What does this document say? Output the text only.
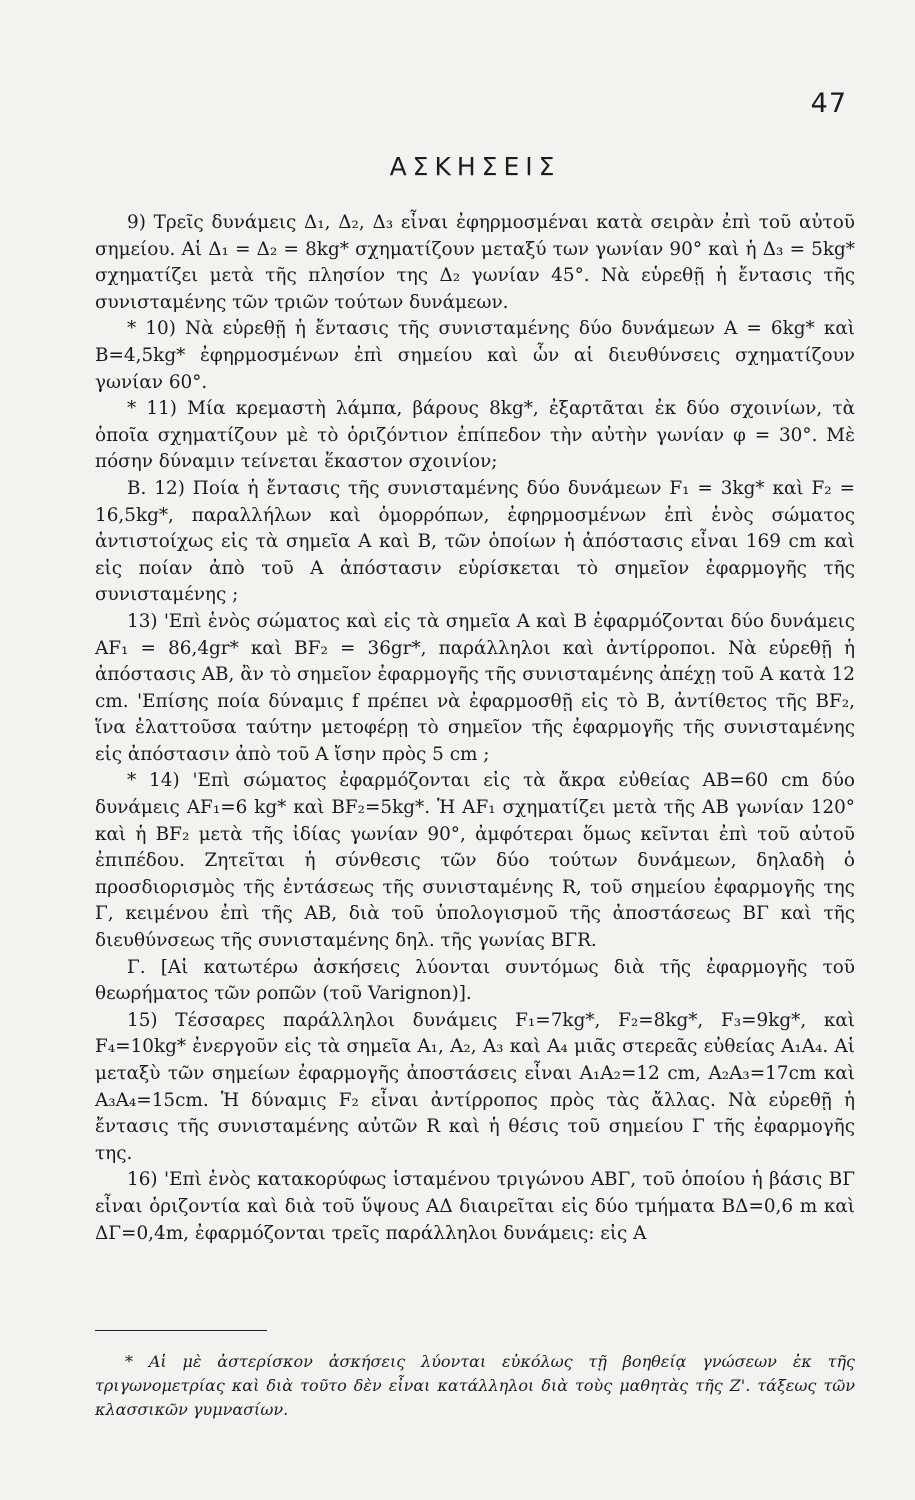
47
ΑΣΚΗΣΕΙΣ

9) Τρεῖς δυνάμεις Δ₁, Δ₂, Δ₃ εἶναι ἐφηρμοσμέναι κατὰ σειρὰν ἐπὶ τοῦ αὐτοῦ σημείου. Αἱ Δ₁ = Δ₂ = 8kg* σχηματίζουν μεταξύ των γωνίαν 90° καὶ ἡ Δ₃ = 5kg* σχηματίζει μετὰ τῆς πλησίον της Δ₂ γωνίαν 45°. Νὰ εὑρεθῇ ἡ ἔντασις τῆς συνισταμένης τῶν τριῶν τούτων δυνάμεων.

* 10) Νὰ εὑρεθῇ ἡ ἔντασις τῆς συνισταμένης δύο δυνάμεων Α = 6kg* καὶ Β=4,5kg* ἐφηρμοσμένων ἐπὶ σημείου καὶ ὧν αἱ διευθύνσεις σχηματίζουν γωνίαν 60°.

* 11) Μία κρεμαστὴ λάμπα, βάρους 8kg*, ἐξαρτᾶται ἐκ δύο σχοινίων, τὰ ὁποῖα σχηματίζουν μὲ τὸ ὁριζόντιον ἐπίπεδον τὴν αὐτὴν γωνίαν φ = 30°. Μὲ πόσην δύναμιν τείνεται ἕκαστον σχοινίον;

Β. 12) Ποία ἡ ἔντασις τῆς συνισταμένης δύο δυνάμεων F₁ = 3kg* καὶ F₂ = 16,5kg*, παραλλήλων καὶ ὁμορρόπων, ἐφηρμοσμένων ἐπὶ ἑνὸς σώματος ἀντιστοίχως εἰς τὰ σημεῖα Α καὶ Β, τῶν ὁποίων ἡ ἀπόστασις εἶναι 169 cm καὶ εἰς ποίαν ἀπὸ τοῦ Α ἀπόστασιν εὑρίσκεται τὸ σημεῖον ἐφαρμογῆς τῆς συνισταμένης ;

13) 'Επὶ ἑνὸς σώματος καὶ εἰς τὰ σημεῖα Α καὶ Β ἐφαρμόζονται δύο δυνάμεις AF₁ = 86,4gr* καὶ BF₂ = 36gr*, παράλληλοι καὶ ἀντίρροποι. Νὰ εὑρεθῇ ἡ ἀπόστασις ΑΒ, ἂν τὸ σημεῖον ἐφαρμογῆς τῆς συνισταμένης ἀπέχῃ τοῦ Α κατὰ 12 cm. 'Επίσης ποία δύναμις f πρέπει νὰ ἐφαρμοσθῇ εἰς τὸ Β, ἀντίθετος τῆς BF₂, ἵνα ἐλαττοῦσα ταύτην μετοφέρῃ τὸ σημεῖον τῆς ἐφαρμογῆς τῆς συνισταμένης εἰς ἀπόστασιν ἀπὸ τοῦ Α ἴσην πρὸς 5 cm ;

* 14) 'Επὶ σώματος ἐφαρμόζονται εἰς τὰ ἄκρα εὐθείας ΑΒ=60 cm δύο δυνάμεις AF₁=6 kg* καὶ BF₂=5kg*. Ἡ AF₁ σχηματίζει μετὰ τῆς ΑΒ γωνίαν 120° καὶ ἡ BF₂ μετὰ τῆς ἰδίας γωνίαν 90°, ἀμφότεραι ὅμως κεῖνται ἐπὶ τοῦ αὐτοῦ ἐπιπέδου. Ζητεῖται ἡ σύνθεσις τῶν δύο τούτων δυνάμεων, δηλαδὴ ὁ προσδιορισμὸς τῆς ἐντάσεως τῆς συνισταμένης R, τοῦ σημείου ἐφαρμογῆς της Γ, κειμένου ἐπὶ τῆς ΑΒ, διὰ τοῦ ὑπολογισμοῦ τῆς ἀποστάσεως ΒΓ καὶ τῆς διευθύνσεως τῆς συνισταμένης δηλ. τῆς γωνίας ΒΓR.

Γ. [Αἱ κατωτέρω ἀσκήσεις λύονται συντόμως διὰ τῆς ἐφαρμογῆς τοῦ θεωρήματος τῶν ροπῶν (τοῦ Varignon)].

15) Τέσσαρες παράλληλοι δυνάμεις F₁=7kg*, F₂=8kg*, F₃=9kg*, καὶ F₄=10kg* ἐνεργοῦν εἰς τὰ σημεῖα Α₁, Α₂, Α₃ καὶ Α₄ μιᾶς στερεᾶς εὐθείας Α₁Α₄. Αἱ μεταξὺ τῶν σημείων ἐφαρμογῆς ἀποστάσεις εἶναι Α₁Α₂=12 cm, Α₂Α₃=17cm καὶ Α₃Α₄=15cm. Ἡ δύναμις F₂ εἶναι ἀντίρροπος πρὸς τὰς ἄλλας. Νὰ εὑρεθῇ ἡ ἔντασις τῆς συνισταμένης αὐτῶν R καὶ ἡ θέσις τοῦ σημείου Γ τῆς ἐφαρμογῆς της.

16) 'Επὶ ἑνὸς κατακορύφως ἱσταμένου τριγώνου ΑΒΓ, τοῦ ὁποίου ἡ βάσις ΒΓ εἶναι ὁριζοντία καὶ διὰ τοῦ ὕψους ΑΔ διαιρεῖται εἰς δύο τμήματα ΒΔ=0,6 m καὶ ΔΓ=0,4m, ἐφαρμόζονται τρεῖς παράλληλοι δυνάμεις: εἰς Α

* Αἱ μὲ ἀστερίσκον ἀσκήσεις λύονται εὐκόλως τῇ βοηθείᾳ γνώσεων ἐκ τῆς τριγωνομετρίας καὶ διὰ τοῦτο δὲν εἶναι κατάλληλοι διὰ τοὺς μαθητὰς τῆς Ζ'. τάξεως τῶν κλασσικῶν γυμνασίων.
